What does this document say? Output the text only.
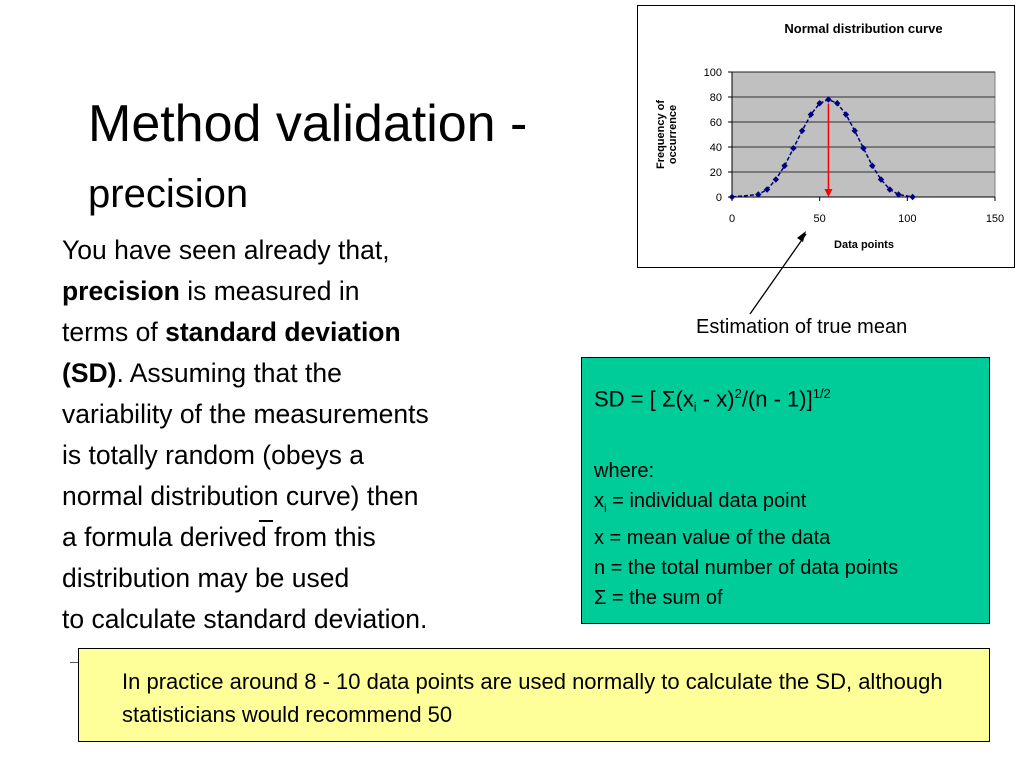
Method validation -
precision
You have seen already that,
precision is measured in
terms of standard deviation
(SD). Assuming that the
variability of the measurements
is totally random (obeys a
normal distribution curve) then
a formula derived from this
distribution may be used
to calculate standard deviation.
0
20
40
60
80
100
0	50	100	150
Normal distribution curve
Data points
Frequency ofoccurrence
Estimation of true mean
SD = [ $\Sigma(x_i - x)^2/(n - 1)]^{1/2}$
where:
$x_i$ = individual data point
x = mean value of the data
n = the total number of data points
Σ = the sum of
In practice around 8 - 10 data points are used normally to calculate the SD, although statisticians would recommend 50
